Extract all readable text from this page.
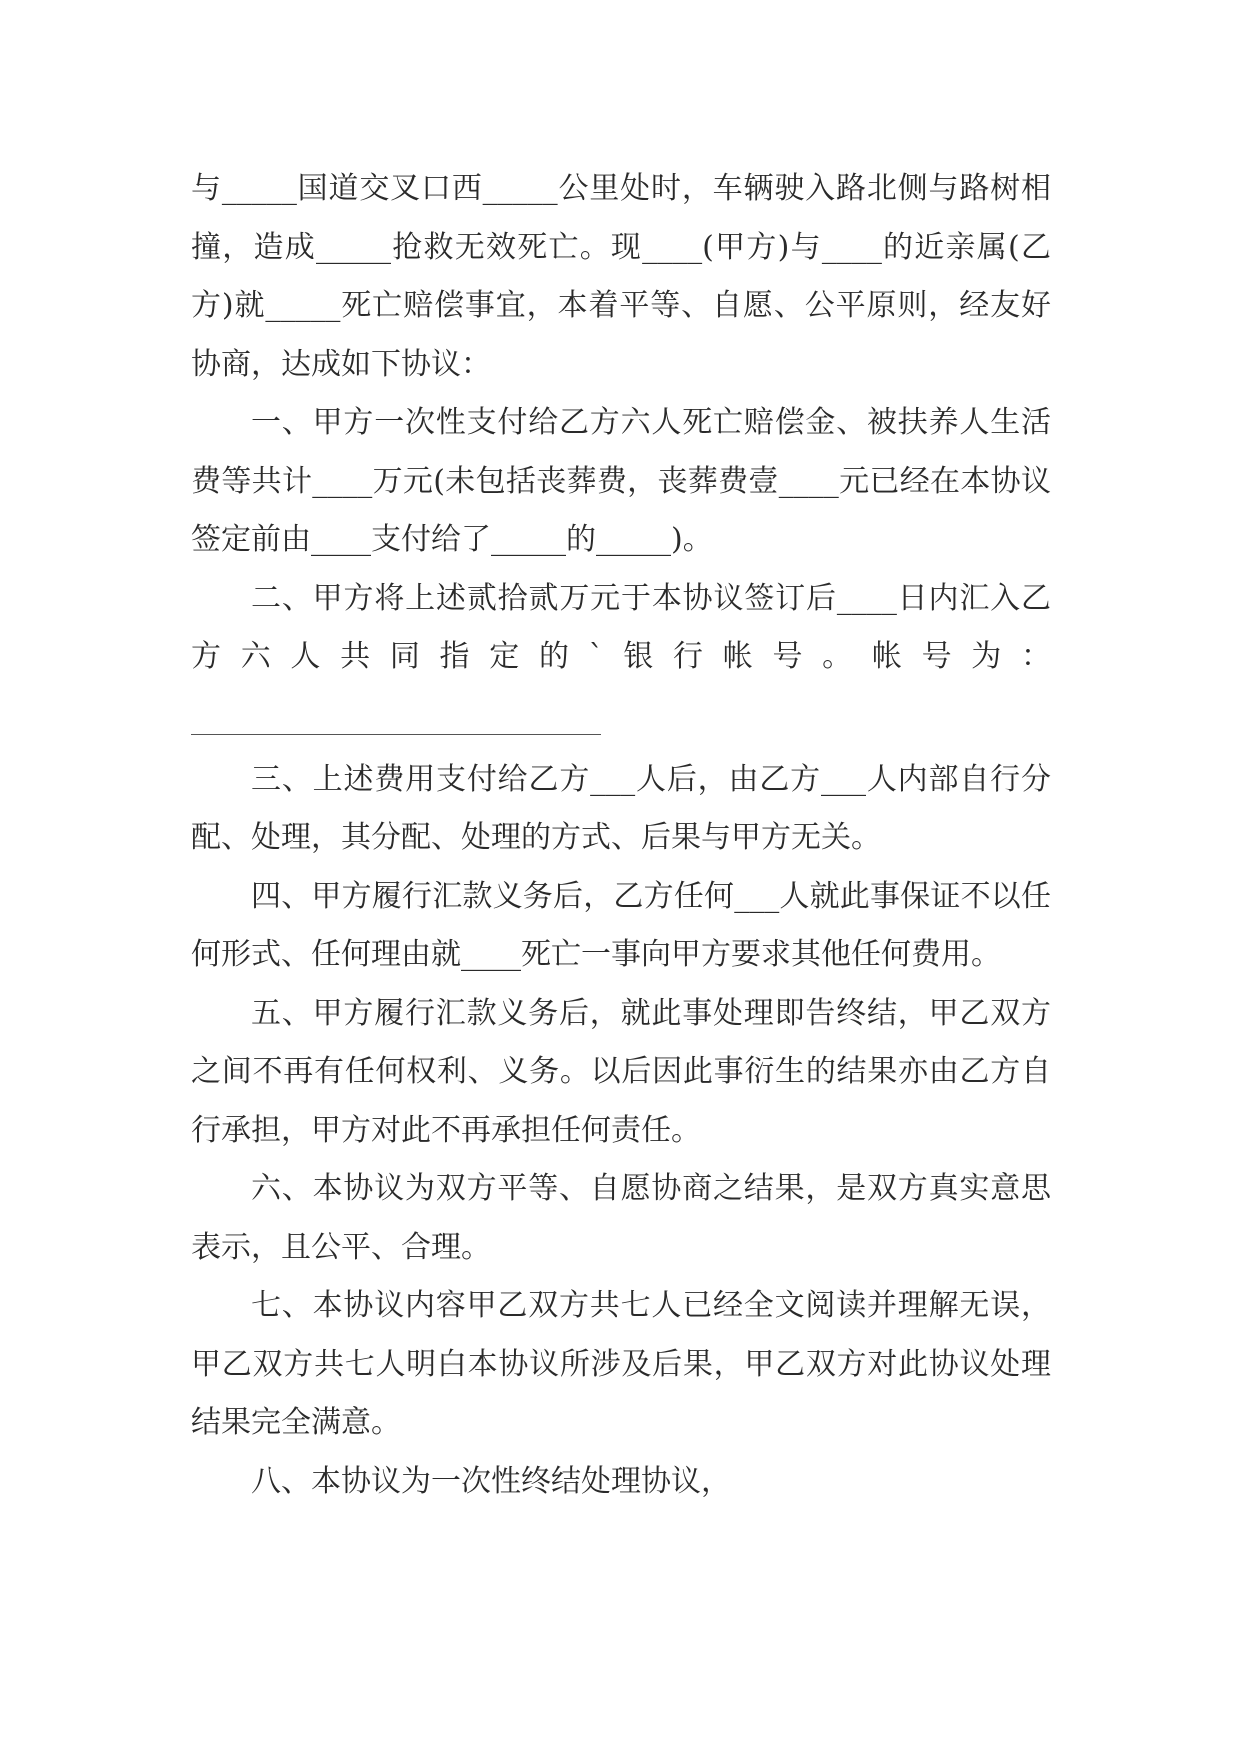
与_____国道交叉口西_____公里处时，车辆驶入路北侧与路树相撞，造成_____抢救无效死亡。现____(甲方)与____的近亲属(乙方)就_____死亡赔偿事宜，本着平等、自愿、公平原则，经友好协商，达成如下协议：

一、甲方一次性支付给乙方六人死亡赔偿金、被扶养人生活费等共计____万元(未包括丧葬费，丧葬费壹____元已经在本协议签定前由____支付给了_____的_____)。

二、甲方将上述贰拾贰万元于本协议签订后____日内汇入乙方六人共同指定的`银行帐号。帐号为：

三、上述费用支付给乙方___人后，由乙方___人内部自行分配、处理，其分配、处理的方式、后果与甲方无关。

四、甲方履行汇款义务后，乙方任何___人就此事保证不以任何形式、任何理由就____死亡一事向甲方要求其他任何费用。

五、甲方履行汇款义务后，就此事处理即告终结，甲乙双方之间不再有任何权利、义务。以后因此事衍生的结果亦由乙方自行承担，甲方对此不再承担任何责任。

六、本协议为双方平等、自愿协商之结果，是双方真实意思表示，且公平、合理。

七、本协议内容甲乙双方共七人已经全文阅读并理解无误，甲乙双方共七人明白本协议所涉及后果，甲乙双方对此协议处理结果完全满意。

八、本协议为一次性终结处理协议，
